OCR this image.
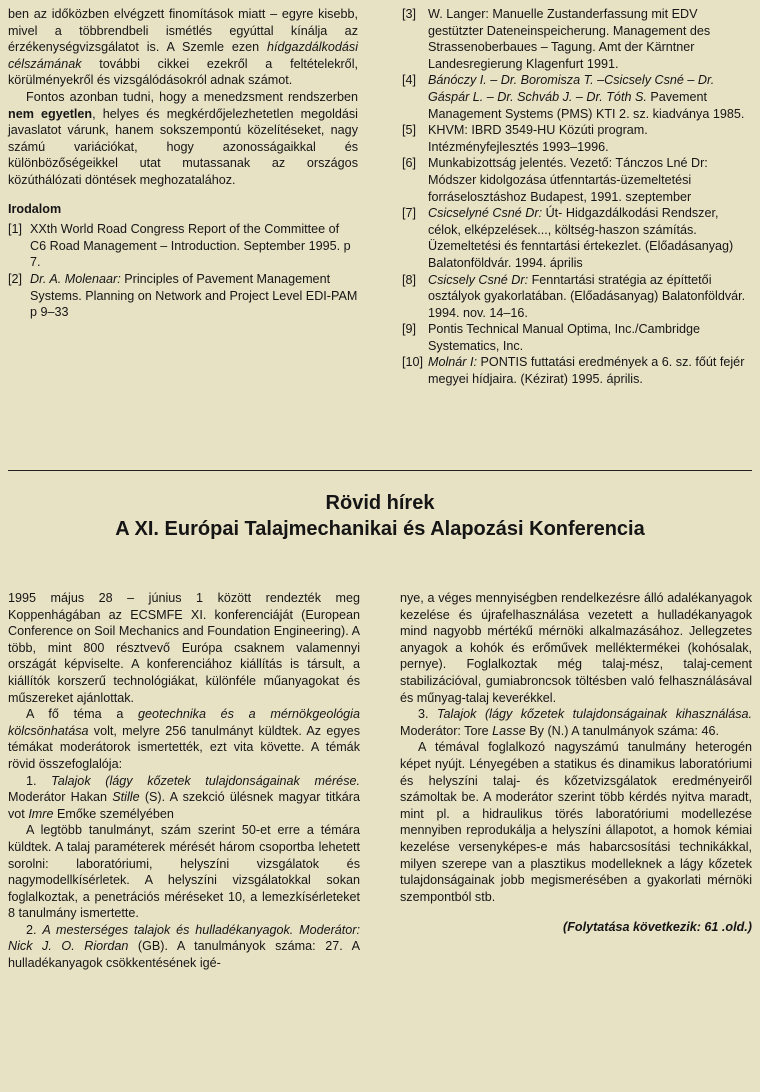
ben az időközben elvégzett finomítások miatt – egyre kisebb, mivel a többrendbeli ismétlés egyúttal kínálja az érzékenységvizsgálatot is. A Szemle ezen hídgazdálkodási célszámának további cikkei ezekről a feltételekről, körülményekről és vizsgálódásokról adnak számot.

Fontos azonban tudni, hogy a menedzsment rendszerben nem egyetlen, helyes és megkérdőjelezhetetlen megoldási javaslatot várunk, hanem sokszempontú közelítéseket, nagy számú variációkat, hogy azonosságaikkal és különbözőségeikkel utat mutassanak az országos közúthálózati döntések meghozatalához.

Irodalom
[1] XXth World Road Congress Report of the Committee of C6 Road Management – Introduction. September 1995. p 7.
[2] Dr. A. Molenaar: Principles of Pavement Management Systems. Planning on Network and Project Level EDI-PAM p 9–33
[3] W. Langer: Manuelle Zustanderfassung mit EDV gestützter Dateneinspeicherung. Management des Strassenoberbaues – Tagung. Amt der Kärntner Landesregierung Klagenfurt 1991.
[4] Bánóczy I. – Dr. Boromisza T. –Csicsely Csné – Dr. Gáspár L. – Dr. Schváb J. – Dr. Tóth S. Pavement Management Systems (PMS) KTI 2. sz. kiadványa 1985.
[5] KHVM: IBRD 3549-HU Közúti program. Intézményfejlesztés 1993–1996.
[6] Munkabizottság jelentés. Vezető: Tánczos Lné Dr: Módszer kidolgozása útfenntartás-üzemeltetési forráselosztáshoz Budapest, 1991. szeptember
[7] Csicselyné Csné Dr: Út- Hidgazdálkodási Rendszer, célok, elképzelések..., költség-haszon számítás. Üzemeltetési és fenntartási értekezlet. (Előadásanyag) Balatonföldvár. 1994. április
[8] Csicsely Csné Dr: Fenntartási stratégia az építtetői osztályok gyakorlatában. (Előadásanyag) Balatonföldvár. 1994. nov. 14–16.
[9] Pontis Technical Manual Optima, Inc./Cambridge Systematics, Inc.
[10] Molnár I: PONTIS futtatási eredmények a 6. sz. főút fejér megyei hídjaira. (Kézirat) 1995. április.
Rövid hírek
A XI. Európai Talajmechanikai és Alapozási Konferencia

1995 május 28 – június 1 között rendezték meg Koppenhágában az ECSMFE XI. konferenciáját (European Conference on Soil Mechanics and Foundation Engineering). A több, mint 800 résztvevő Európa csaknem valamennyi országát képviselte. A konferenciához kiállítás is társult, a kiállítók korszerű technológiákat, különféle műanyagokat és műszereket ajánlottak.

A fő téma a geotechnika és a mérnökgeológia kölcsönhatása volt, melyre 256 tanulmányt küldtek. Az egyes témákat moderátorok ismertették, ezt vita követte. A témák rövid összefoglalója:

1. Talajok (lágy kőzetek tulajdonságainak mérése. Moderátor Hakan Stille (S). A szekció ülésnek magyar titkára vot Imre Emőke személyében

A legtöbb tanulmányt, szám szerint 50-et erre a témára küldtek. A talaj paraméterek mérését három csoportba lehetett sorolni: laboratóriumi, helyszíni vizsgálatok és nagymodellkísérletek. A helyszíni vizsgálatokkal sokan foglalkoztak, a penetrációs méréseket 10, a lemezkísérleteket 8 tanulmány ismertette.

2. A mesterséges talajok és hulladékanyagok. Moderátor: Nick J. O. Riordan (GB). A tanulmányok száma: 27. A hulladékanyagok csökkentésének igé-

nye, a véges mennyiségben rendelkezésre álló adalékanyagok kezelése és újrafelhasználása vezetett a hulladékanyagok mind nagyobb mértékű mérnöki alkalmazásához. Jellegzetes anyagok a kohók és erőművek melléktermékei (kohósalak, pernye). Foglalkoztak még talaj-mész, talaj-cement stabilizációval, gumiabroncsok töltésben való felhasználásával és műnyag-talaj keverékkel.

3. Talajok (lágy kőzetek tulajdonságainak kihasználása. Moderátor: Tore Lasse By (N.) A tanulmányok száma: 46.

A témával foglalkozó nagyszámú tanulmány heterogén képet nyújt. Lényegében a statikus és dinamikus laboratóriumi és helyszíni talaj- és kőzetvizsgálatok eredményeiről számoltak be. A moderátor szerint több kérdés nyitva maradt, mint pl. a hidraulikus törés laboratóriumi modellezése mennyiben reprodukálja a helyszíni állapotot, a homok kémiai kezelése versenyképes-e más habarcsosítási technikákkal, milyen szerepe van a plasztikus modelleknek a lágy kőzetek tulajdonságainak jobb megismerésében a gyakorlati mérnöki szempontból stb.

(Folytatása következik: 61 .old.)
